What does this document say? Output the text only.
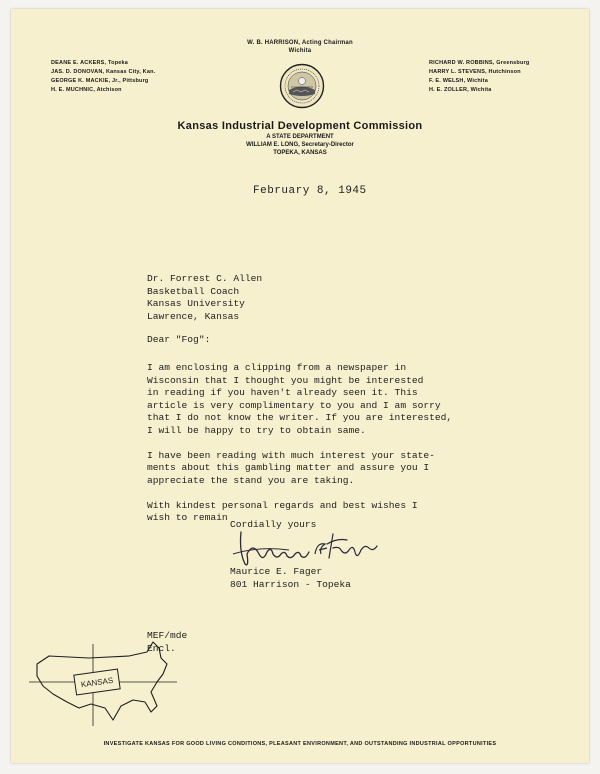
W. B. HARRISON, Acting Chairman
Wichita
DEANE E. ACKERS, Topeka
JAS. D. DONOVAN, Kansas City, Kan.
GEORGE K. MACKIE, Jr., Pittsburg
H. E. MUCHNIC, Atchison
RICHARD W. ROBBINS, Greensburg
HARRY L. STEVENS, Hutchinson
F. E. WELSH, Wichita
H. E. ZOLLER, Wichita
Kansas Industrial Development Commission
A STATE DEPARTMENT
WILLIAM E. LONG, Secretary-Director
TOPEKA, KANSAS
February 8, 1945
Dr. Forrest C. Allen
Basketball Coach
Kansas University
Lawrence, Kansas
Dear "Fog":

I am enclosing a clipping from a newspaper in
Wisconsin that I thought you might be interested
in reading if you haven't already seen it. This
article is very complimentary to you and I am sorry
that I do not know the writer. If you are interested,
I will be happy to try to obtain same.

I have been reading with much interest your state-
ments about this gambling matter and assure you I
appreciate the stand you are taking.

With kindest personal regards and best wishes I
wish to remain

Cordially yours
Maurice E. Fager
801 Harrison - Topeka
MEF/mde
Encl.
KANSAS
INVESTIGATE KANSAS FOR GOOD LIVING CONDITIONS, PLEASANT ENVIRONMENT, AND OUTSTANDING INDUSTRIAL OPPORTUNITIES
